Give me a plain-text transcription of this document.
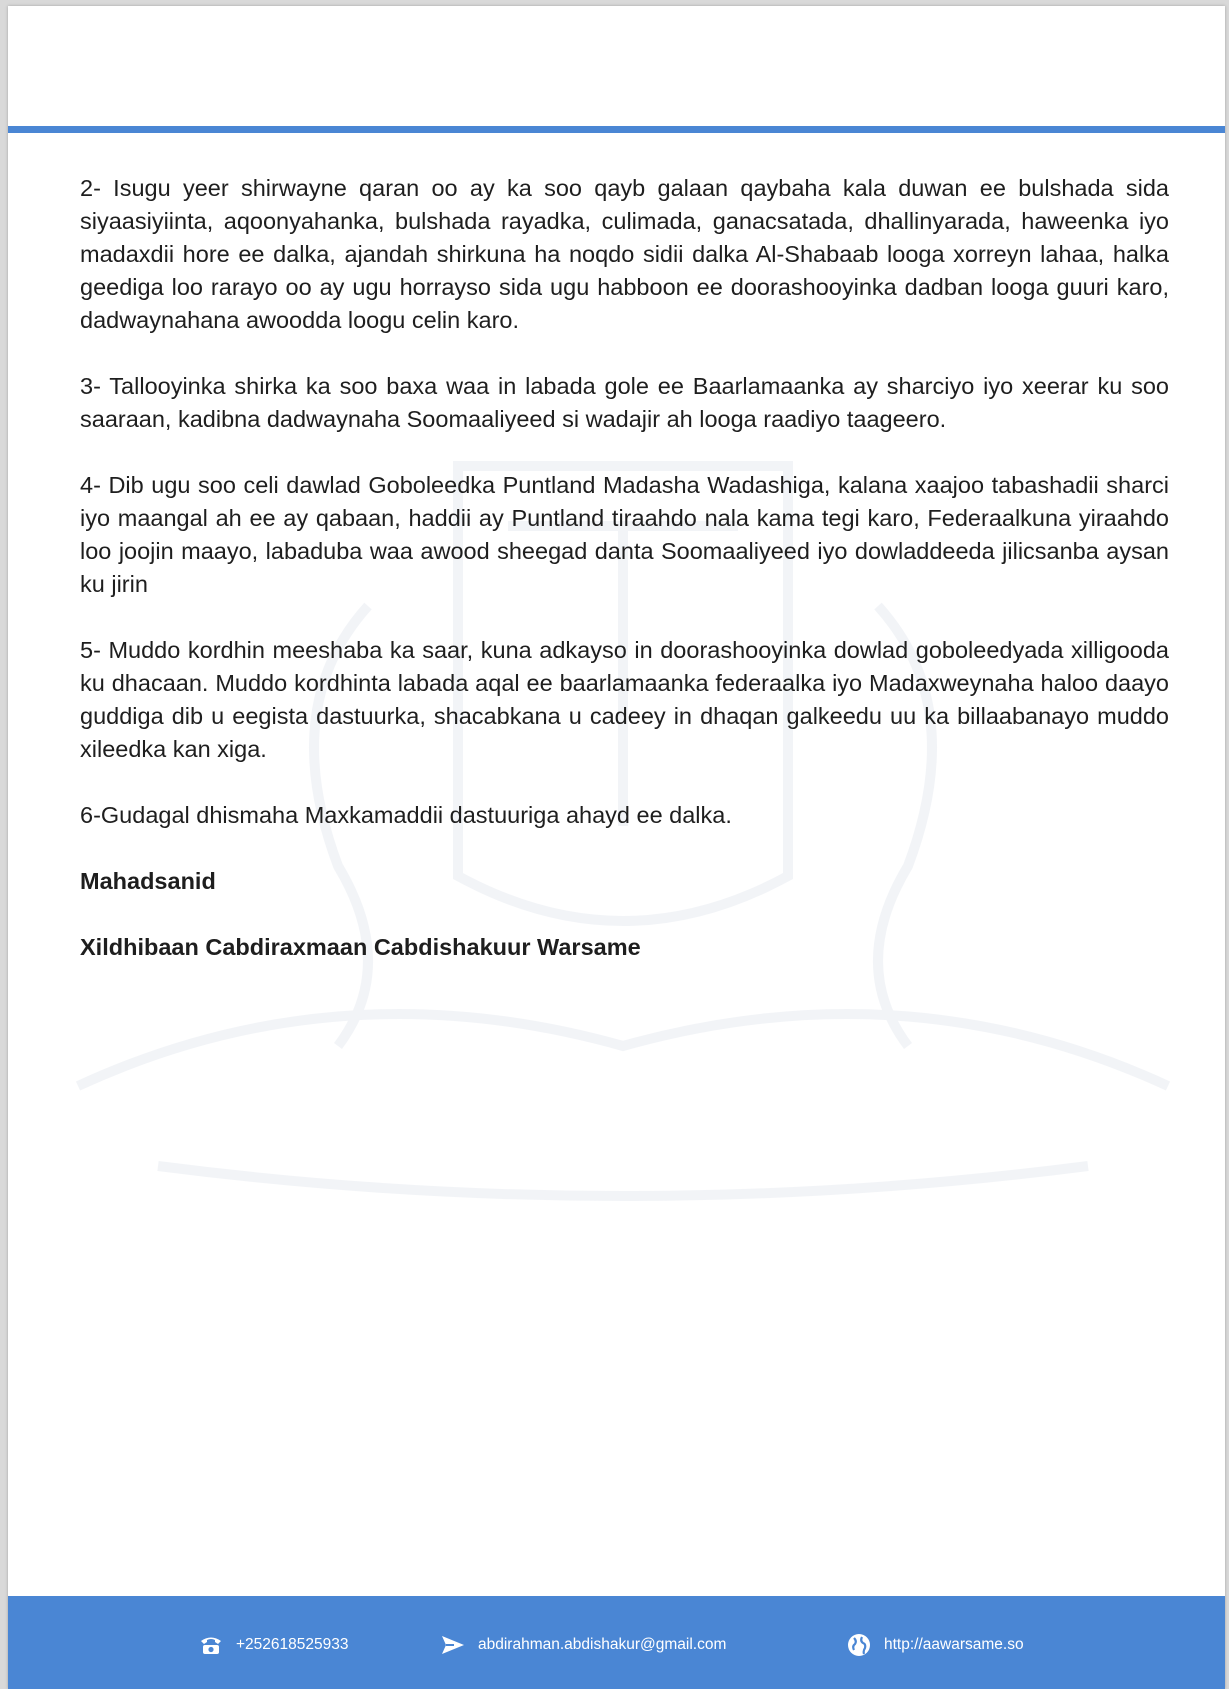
2- Isugu yeer shirwayne qaran oo ay ka soo qayb galaan qaybaha kala duwan ee bulshada sida siyaasiyiinta, aqoonyahanka, bulshada rayadka, culimada, ganacsatada, dhallinyarada, haweenka iyo madaxdii hore ee dalka, ajandah shirkuna ha noqdo sidii dalka Al-Shabaab looga xorreyn lahaa, halka geediga loo rarayo oo ay ugu horrayso sida ugu habboon ee doorashooyinka dadban looga guuri karo, dadwaynahana awoodda loogu celin karo.

3- Tallooyinka shirka ka soo baxa waa in labada gole ee Baarlamaanka ay sharciyo iyo xeerar ku soo saaraan, kadibna dadwaynaha Soomaaliyeed si wadajir ah looga raadiyo taageero.

4- Dib ugu soo celi dawlad Goboleedka Puntland Madasha Wadashiga, kalana xaajoo tabashadii sharci iyo maangal ah ee ay qabaan, haddii ay Puntland tiraahdo nala kama tegi karo, Federaalkuna yiraahdo loo joojin maayo, labaduba waa awood sheegad danta Soomaaliyeed iyo dowladdeeda jilicsanba aysan ku jirin

5- Muddo kordhin meeshaba ka saar, kuna adkayso in doorashooyinka dowlad goboleedyada xilligooda ku dhacaan. Muddo kordhinta labada aqal ee baarlamaanka federaalka iyo Madaxweynaha haloo daayo guddiga dib u eegista dastuurka, shacabkana u cadeey in dhaqan galkeedu uu ka billaabanayo muddo xileedka kan xiga.

6-Gudagal dhismaha Maxkamaddii dastuuriga ahayd ee dalka.

Mahadsanid

Xildhibaan Cabdiraxmaan Cabdishakuur Warsame

+252618525933	abdirahman.abdishakur@gmail.com	http://aawarsame.so
